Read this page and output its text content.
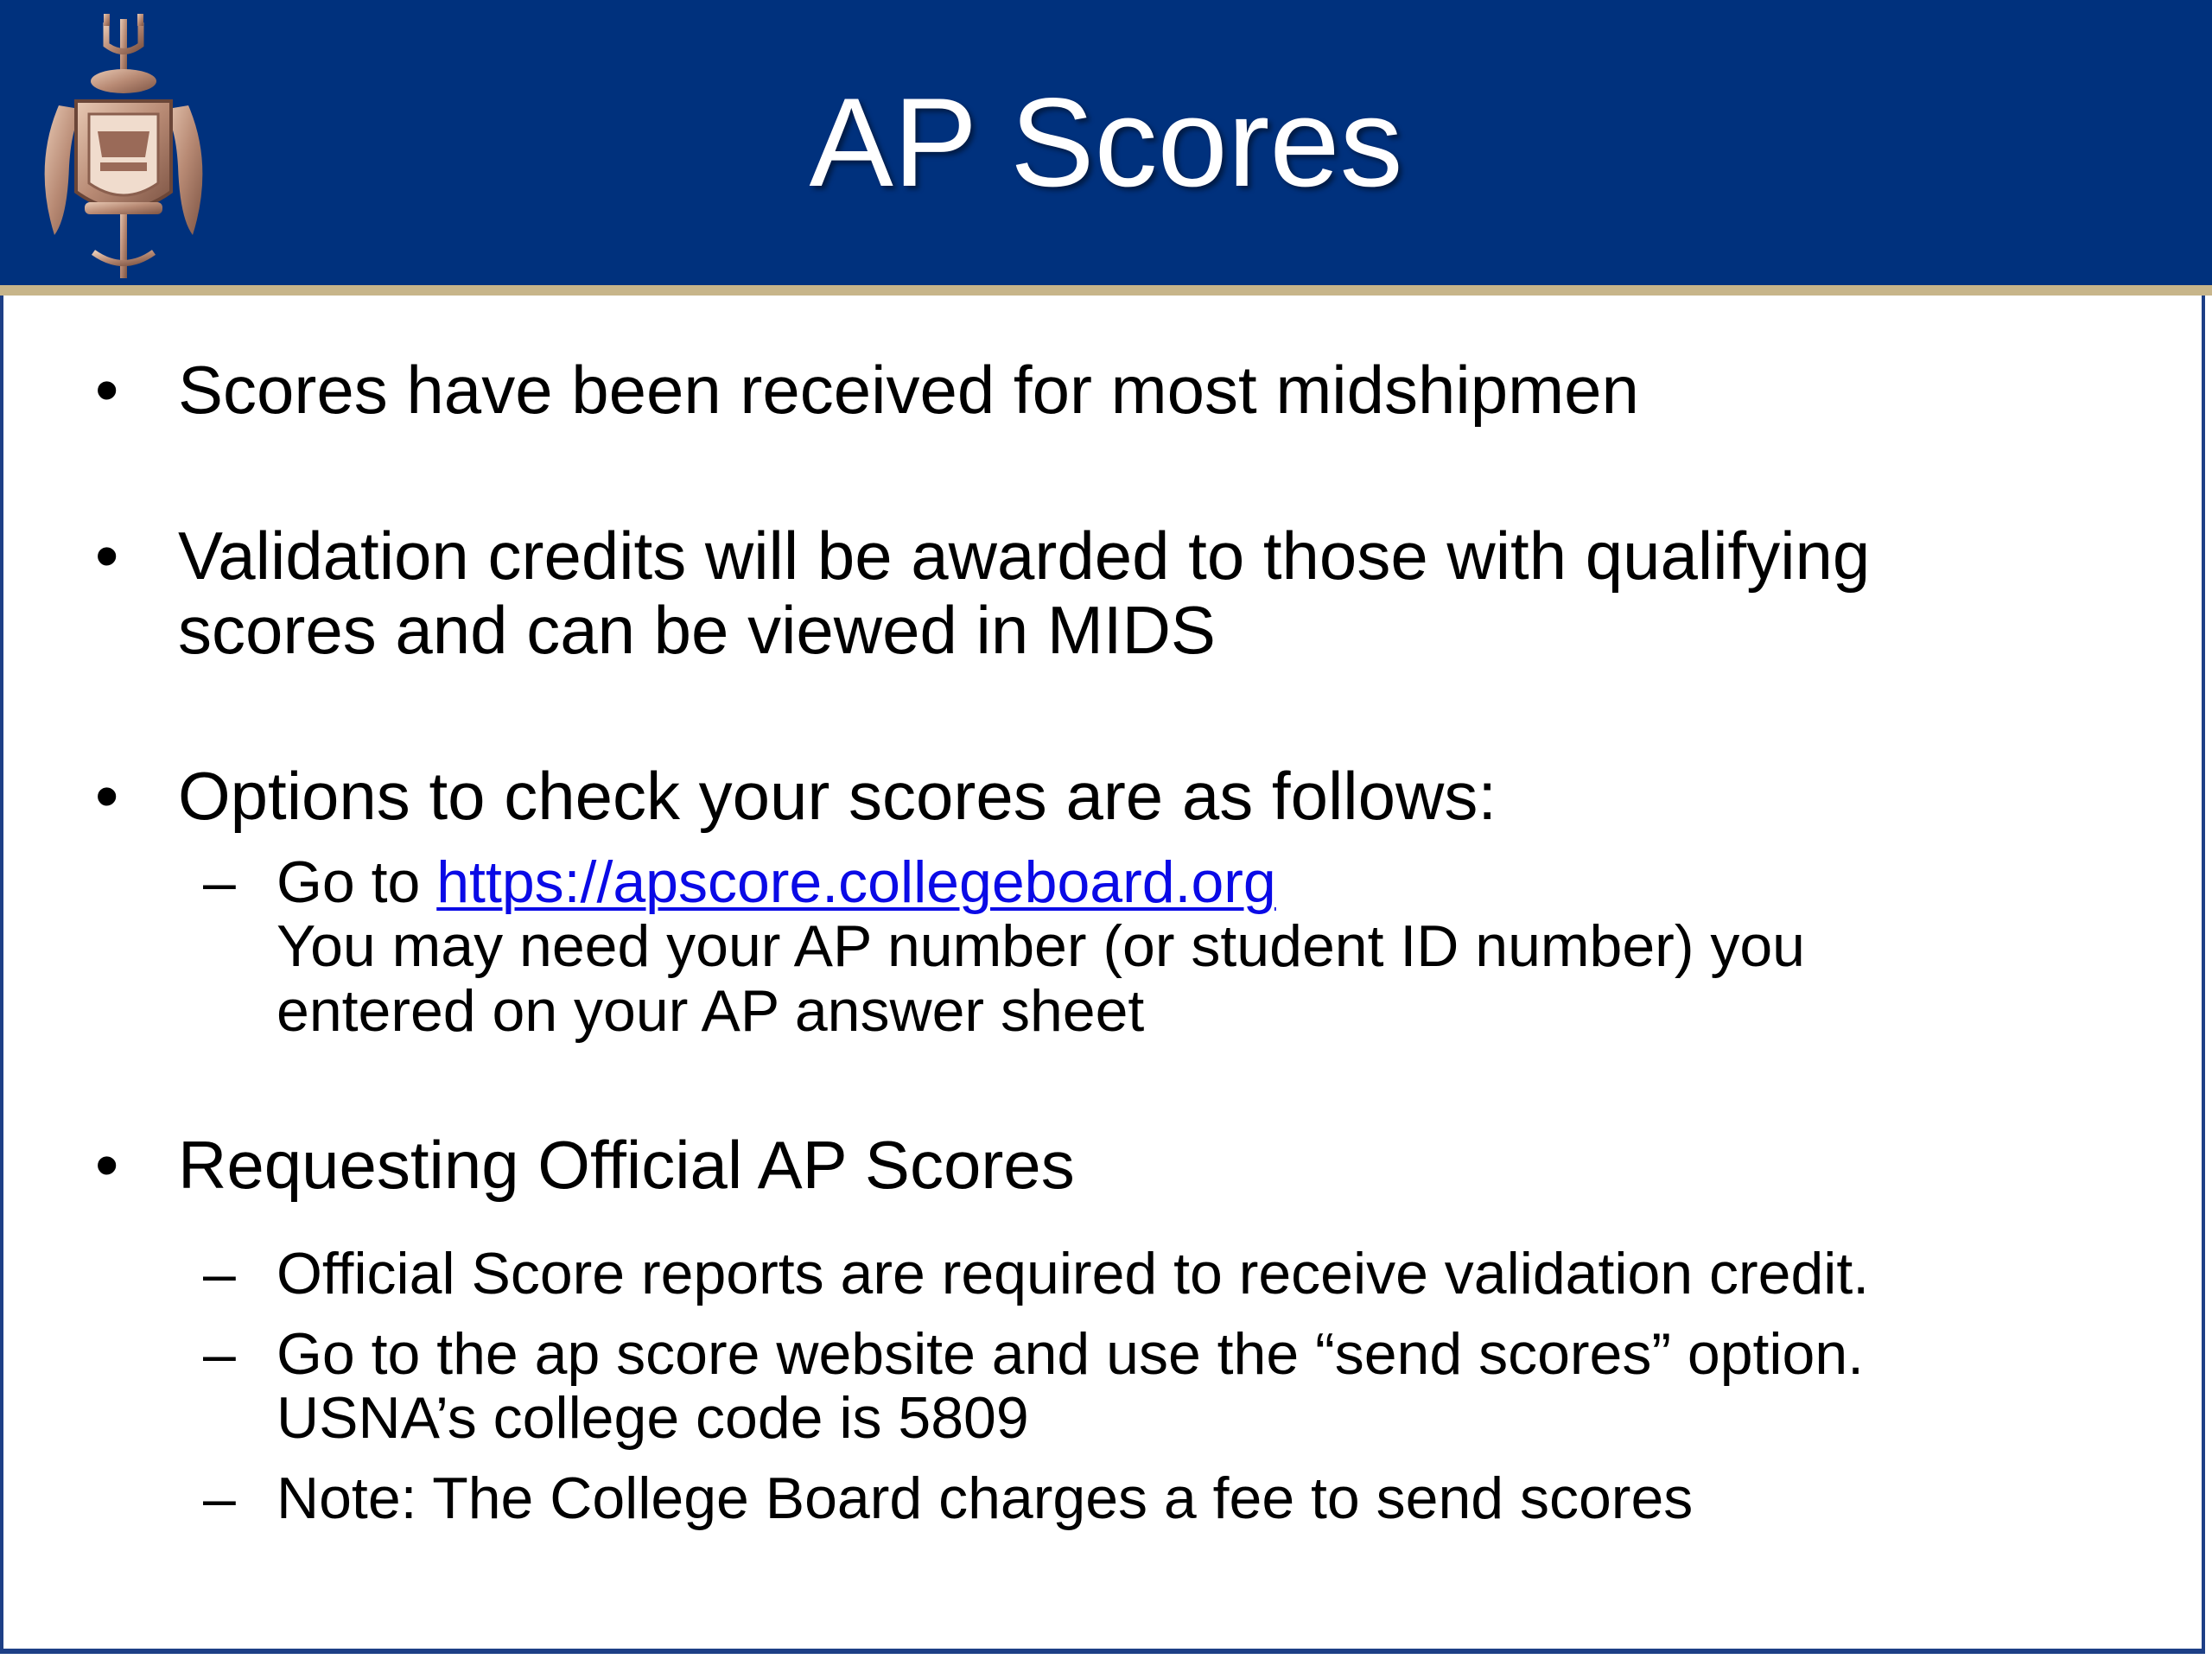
AP Scores
• Scores have been received for most midshipmen
• Validation credits will be awarded to those with qualifying
scores and can be viewed in MIDS
• Options to check your scores are as follows:
– Go to https://apscore.collegeboard.org
You may need your AP number (or student ID number) you
entered on your AP answer sheet
• Requesting Official AP Scores
– Official Score reports are required to receive validation credit.
– Go to the ap score website and use the “send scores” option.
USNA’s college code is 5809
– Note: The College Board charges a fee to send scores
